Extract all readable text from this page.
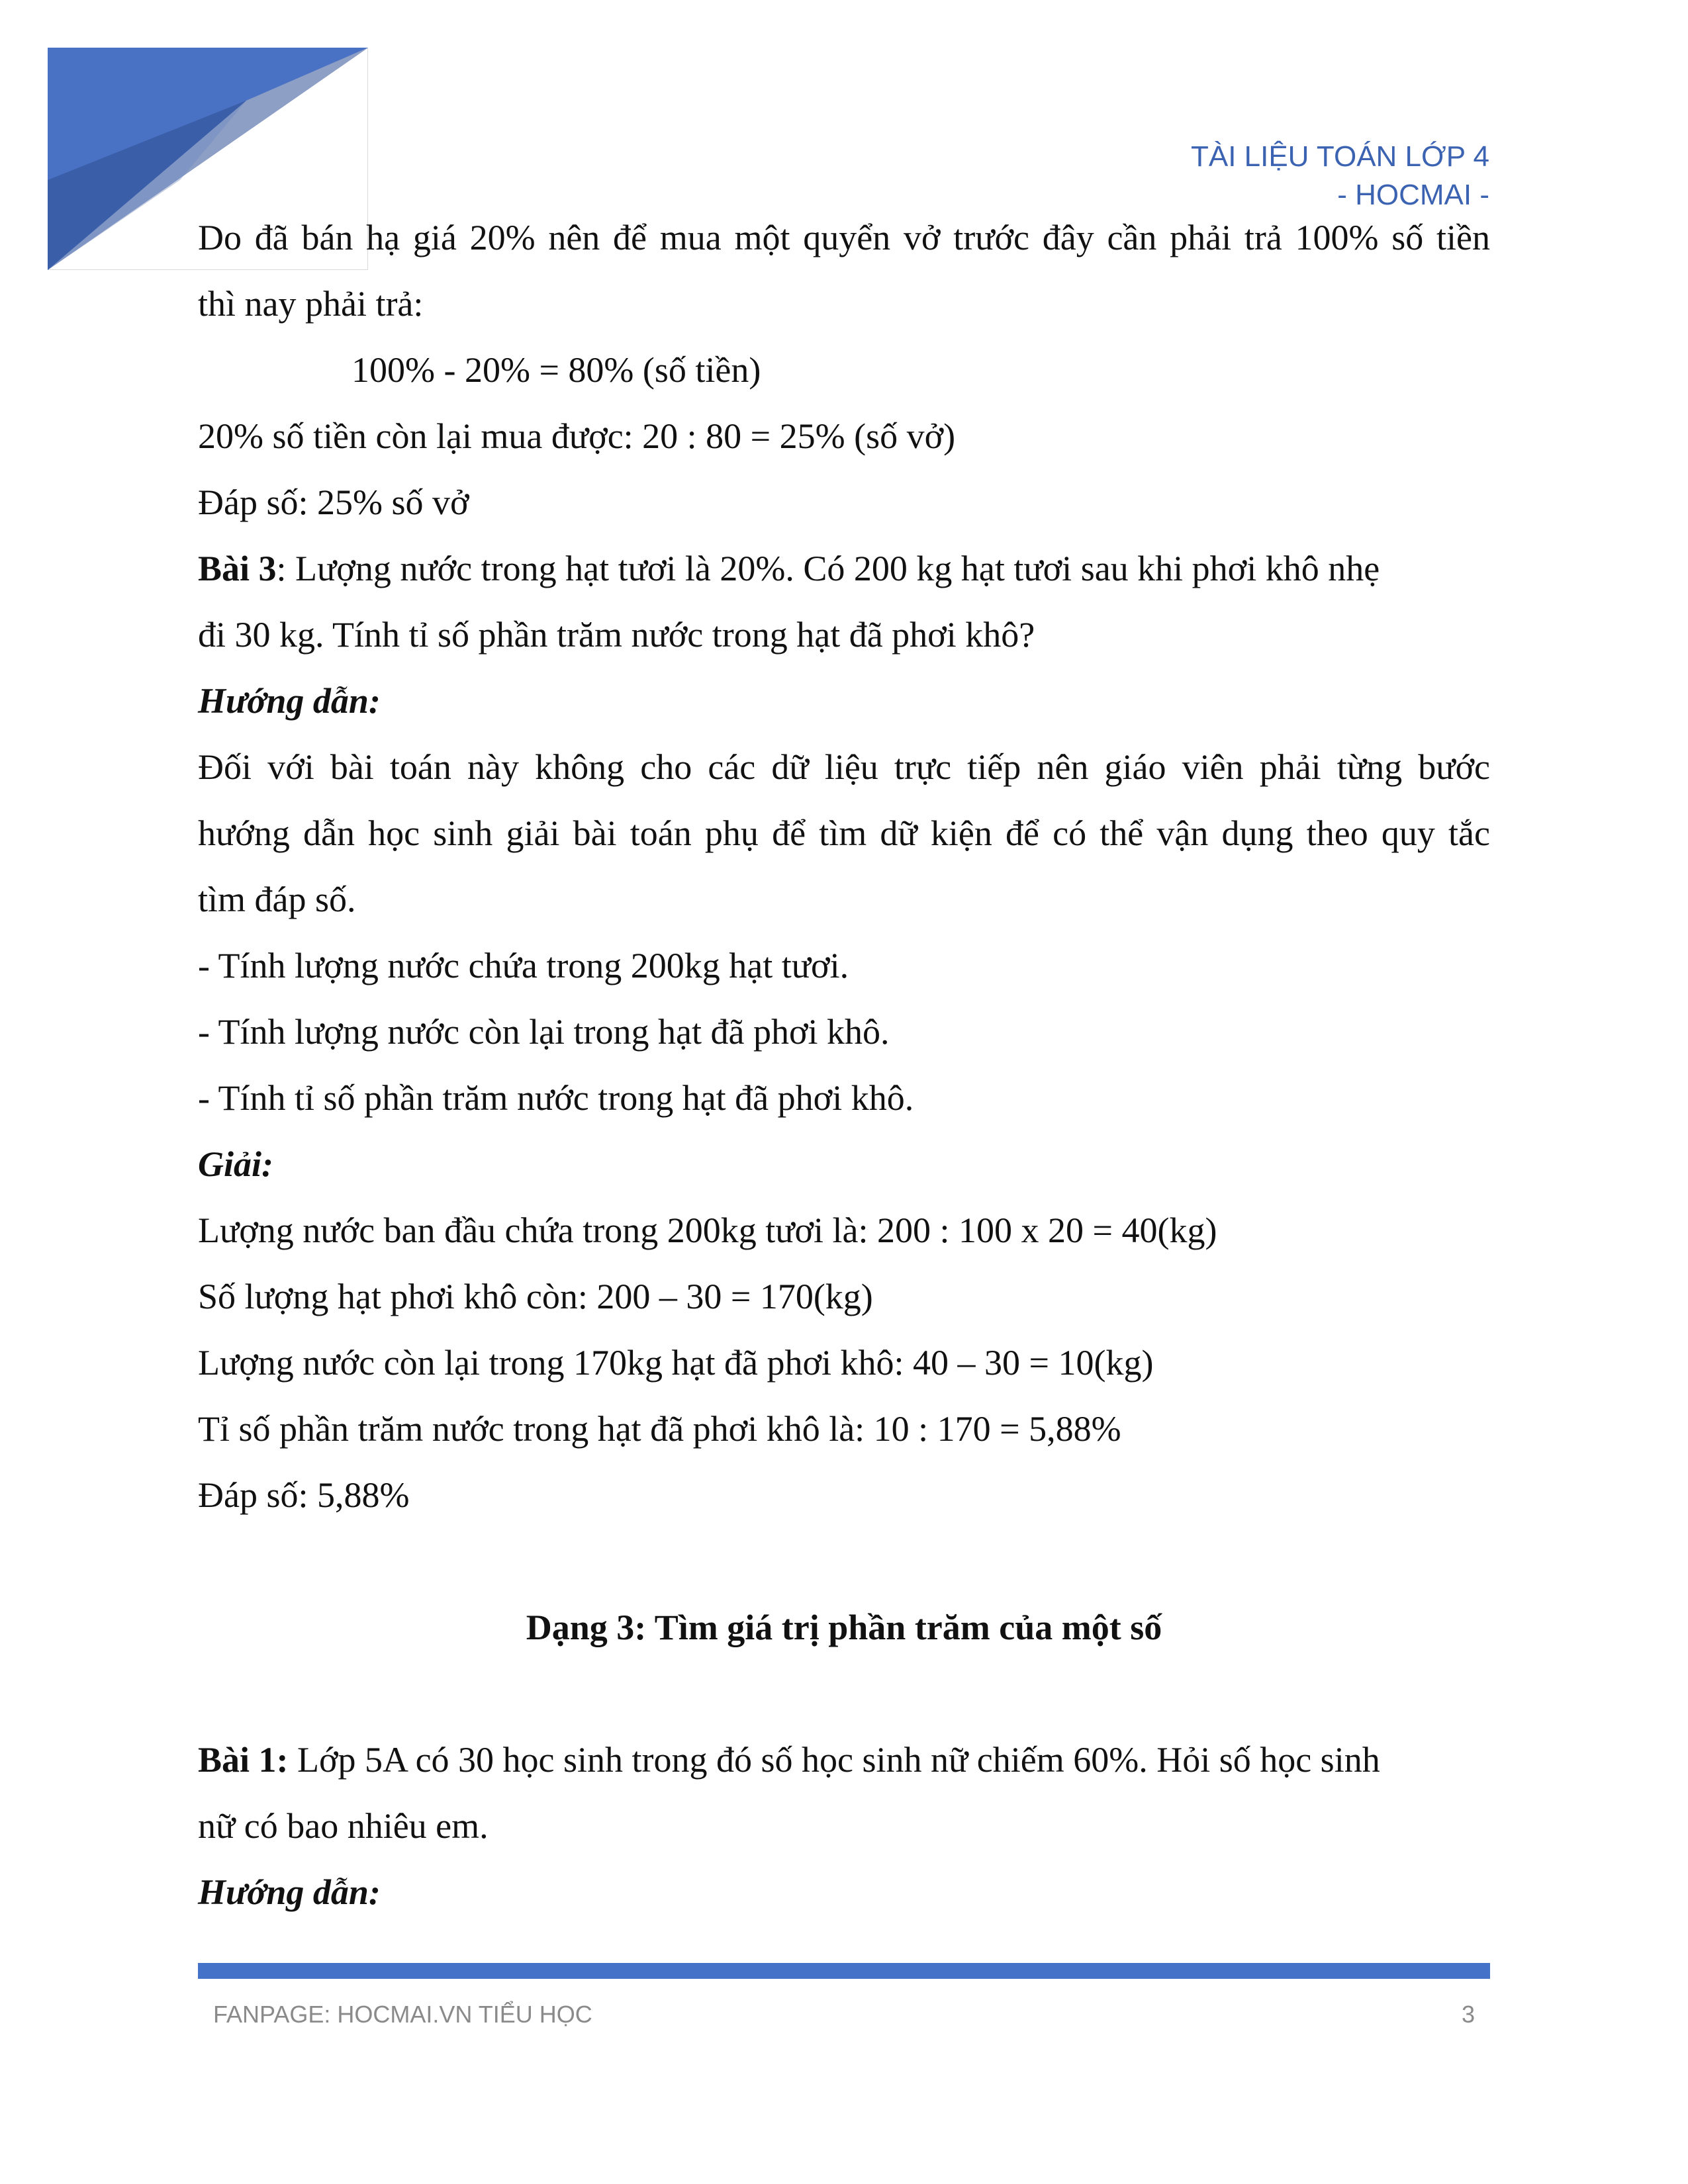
TÀI LIỆU TOÁN LỚP 4
- HOCMAI -
Do đã bán hạ giá 20% nên để mua một quyển vở trước đây cần phải trả 100% số tiền
thì nay phải trả:
100% - 20% = 80% (số tiền)
20% số tiền còn lại mua được: 20 : 80 = 25% (số vở)
Đáp số: 25% số vở
Bài 3: Lượng nước trong hạt tươi là 20%. Có 200 kg hạt tươi sau khi phơi khô nhẹ
đi 30 kg. Tính tỉ số phần trăm nước trong hạt đã phơi khô?
Hướng dẫn:
Đối với bài toán này không cho các dữ liệu trực tiếp nên giáo viên phải từng bước
hướng dẫn học sinh giải bài toán phụ để tìm dữ kiện để có thể vận dụng theo quy tắc
tìm đáp số.
- Tính lượng nước chứa trong 200kg hạt tươi.
- Tính lượng nước còn lại trong hạt đã phơi khô.
- Tính tỉ số phần trăm nước trong hạt đã phơi khô.
Giải:
Lượng nước ban đầu chứa trong 200kg tươi là: 200 : 100 x 20 = 40(kg)
Số lượng hạt phơi khô còn: 200 – 30 = 170(kg)
Lượng nước còn lại trong 170kg hạt đã phơi khô: 40 – 30 = 10(kg)
Tỉ số phần trăm nước trong hạt đã phơi khô là: 10 : 170 = 5,88%
Đáp số: 5,88%
Dạng 3: Tìm giá trị phần trăm của một số
Bài 1: Lớp 5A có 30 học sinh trong đó số học sinh nữ chiếm 60%. Hỏi số học sinh
nữ có bao nhiêu em.
Hướng dẫn:
FANPAGE: HOCMAI.VN TIỂU HỌC	3
